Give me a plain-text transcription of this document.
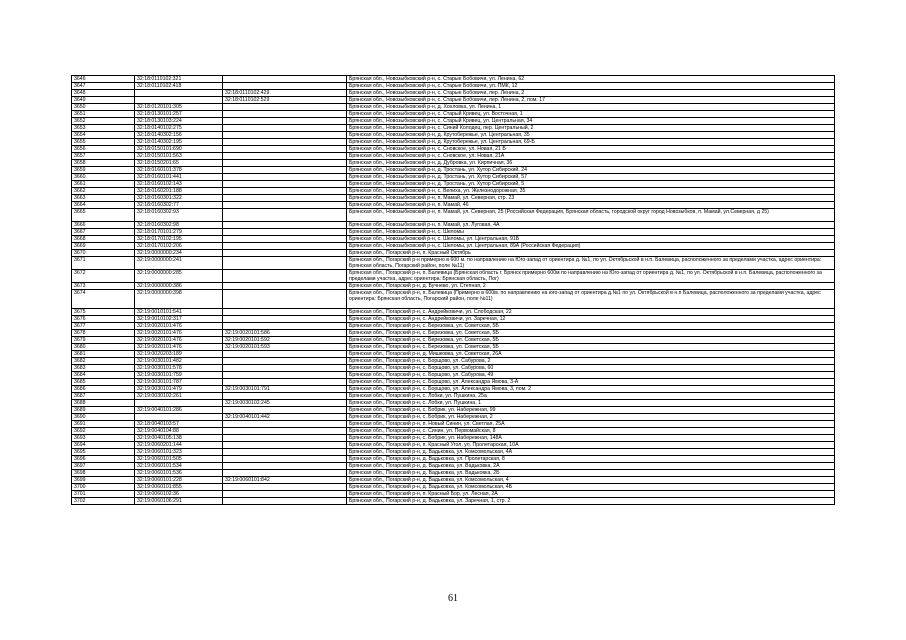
3646	32:18:0110102:321		Брянская обл., Новозыбковский р-н, с. Старые Бобовичи, ул. Ленина, 62
3647	32:18:0110102:418		Брянская обл., Новозыбковский р-н, с. Старые Бобовичи, ул. ПМК, 12
3648		32:18:0110102:429	Брянская обл., Новозыбковский р-н, с. Старые Бобовичи, пер. Ленина, 2
3649		32:18:0110102:529	Брянская обл., Новозыбковский р-н, с. Старые Бобовичи, пер. Ленина, 2, пом. 17
3650	32:18:0120101:305		Брянская обл., Новозыбковский р-н, д. Хохловка, ул. Ленина, 1
3651	32:18:0130101:257		Брянская обл., Новозыбковский р-н, с. Старый Кривец, ул. Восточная, 1
3652	32:18:0130103:224		Брянская обл., Новозыбковский р-н, с. Старый Кривец, ул. Центральная, 34
3653	32:18:0140102:275		Брянская обл., Новозыбковский р-н, с. Синий Колодец, пер. Центральный, 2
3654	32:18:0140302:156		Брянская обл., Новозыбковский р-н, д. Крутобережье, ул. Центральная, 35
3655	32:18:0140302:195		Брянская обл., Новозыбковский р-н, д. Крутобережье, ул. Центральная, 69-Б
3656	32:18:0150101:690		Брянская обл., Новозыбковский р-н, с. Сновское, ул. Новая, 21 Б
3657	32:18:0150101:563		Брянская обл., Новозыбковский р-н, с. Сновское, ул. Новая, 21А
3658	32:18:0150201:65		Брянская обл., Новозыбковский р-н, д. Дубровка, ул. Кирпичная, 36
3659	32:18:0160101:378		Брянская обл., Новозыбковский р-н, д. Тростань, ул. Хутор Сибирский, 24
3660	32:18:0160101:441		Брянская обл., Новозыбковский р-н, д. Тростань, ул. Хутор Сибирский, 57
3661	32:18:0160102:143		Брянская обл., Новозыбковский р-н, д. Тростань, ул. Хутор Сибирский, 5
3662	32:18:0160201:188		Брянская обл., Новозыбковский р-н, с. Вепиха, ул. Железнодорожная, 35
3663	32:18:0160301:322		Брянская обл., Новозыбковский р-н, п. Мамай, ул. Северная, стр. 23
3664	32:18:0160302:77		Брянская обл., Новозыбковский р-н, п. Мамай, 46
3665	32:18:0160302:93		Брянская обл., Новозыбковский р-н, п. Мамай, ул. Северная, 25 (Российская Федерация, Брянская область, городской округ город Новозыбков, п. Мамай, ул.Северная, д 25)
3666	32:18:0160302:98		Брянская обл., Новозыбковский р-н, п. Мамай, ул. Луговая, 4А
3667	32:18:0170101:279		Брянская обл., Новозыбковский р-н, с. Шеломы
3668	32:18:0170102:195		Брянская обл., Новозыбковский р-н, с. Шеломы, ул. Центральная, 91Б
3669	32:18:0170102:206		Брянская обл., Новозыбковский р-н, с. Шеломы, ул. Центральная, 89А (Российская Федерация)
3670	32:19:0000000:234		Брянская обл., Погарский р-н, п. Красный Октябрь
3671	32:19:0000000:241		Брянская обл., Погарский р-н примерно в 600 м. по направлению на Юго-запад от ориентира д. №1, по ул. Октябрьской в н.п. Балевица, расположенного за пределами участка, адрес ориентира: Брянская область, Погарский район, поле №11)
3672	32:19:0000000:285		Брянская обл., Погарский р-н, п. Балевица (Брянская область г. Брянск примерно 600м по направлению на Юго-запад от ориентира д. №1, по ул. Октябрьской в н.п. Балевица, расположенного за пределами участка, адрес ориентира: Брянская область, Пог)
3673	32:19:0000000:386		Брянская обл., Погарский р-н, д. Бучнево, ул. Степная, 2
3674	32:19:0000000:398		Брянская обл., Погарский р-н, п. Балевица (Примерно в 600м. по направлению на юго-запад от ориентира д.№1 по ул. Октябрьской в н.п Балевица, расположенного за пределами участка, адрес ориентира: Брянская область, Погарский район, поле №11)
3675	32:19:0010101:541		Брянская обл., Погарский р-н, с. Андрейковичи, ул. Слободская, 22
3676	32:19:0010102:317		Брянская обл., Погарский р-н, с. Андрейковичи, ул. Заречная, 12
3677	32:19:0020101:476		Брянская обл., Погарский р-н, с. Березовка, ул. Советская, 5Б
3678	32:19:0020101:476	32:19:0020101:586	Брянская обл., Погарский р-н, с. Березовка, ул. Советская, 5Б
3679	32:19:0020101:476	32:19:0020101:592	Брянская обл., Погарский р-н, с. Березовка, ул. Советская, 5Б
3680	32:19:0020101:476	32:19:0020101:593	Брянская обл., Погарский р-н, с. Березовка, ул. Советская, 5Б
3681	32:19:0020203:189		Брянская обл., Погарский р-н, д. Мишковка, ул. Советская, 26А
3682	32:19:0030101:482		Брянская обл., Погарский р-н, с. Борщово, ул. Сабурова, 2
3683	32:19:0030101:578		Брянская обл., Погарский р-н, с. Борщово, ул. Сабурова, 60
3684	32:19:0030101:759		Брянская обл., Погарский р-н, с. Борщово, ул. Сабурова, 49
3685	32:19:0030101:787		Брянская обл., Погарский р-н, с. Борщово, ул. Александра Ямова, 3-А
3686	32:19:0030101:479	32:19:0030101:791	Брянская обл., Погарский р-н, с. Борщово, ул. Александра Ямова, 3, пом. 2
3687	32:19:0030102:261		Брянская обл., Погарский р-н, с. Лобки, ул. Пушкина, 25а
3688		32:19:0030102:245	Брянская обл., Погарский р-н, с. Лобки, ул. Пушкина, 1
3689	32:19:0040101:286		Брянская обл., Погарский р-н, с. Бобрик, ул. Набережная, 99
3690		32:19:0040101:442	Брянская обл., Погарский р-н, с. Бобрик, ул. Набережная, 2
3691	32:18:0040103:57		Брянская обл., Погарский р-н, п. Новый Синин, ул. Светлая, 25А
3692	32:19:0040104:88		Брянская обл., Погарский р-н, с. Синин, ул. Первомайская, 8
3693	32:19:0040105:138		Брянская обл., Погарский р-н, с. Бобрик, ул. Набережная, 148А
3694	32:19:0060201:144		Брянская обл., Погарский р-н, п. Красный Угол, ул. Пролетарская, 10А
3695	32:19:0060101:323		Брянская обл., Погарский р-н, д. Вадьковка, ул. Комсомольская, 4А
3696	32:19:0060101:505		Брянская обл., Погарский р-н, д. Вадьковка, ул. Пролетарская, 8
3697	32:19:0060101:534		Брянская обл., Погарский р-н, д. Вадьковка, ул. Вадьковка, 2А
3698	32:19:0060101:536		Брянская обл., Погарский р-н, д. Вадьковка, ул. Вадьковка, 2Б
3699	32:19:0060101:228	32:19:0060101:842	Брянская обл., Погарский р-н, д. Вадьковка, ул. Комсомольская, 4
3700	32:19:0060101:855		Брянская обл., Погарский р-н, д. Вадьковка, ул. Комсомольская, 4Б
3701	32:19:0060102:36		Брянская обл., Погарский р-н, п. Красный Бор, ул. Лесная, 2А
3702	32:19:0060106:291		Брянская обл., Погарский р-н, д. Вадьковка, ул. Заречная, 1, стр. 2
61
